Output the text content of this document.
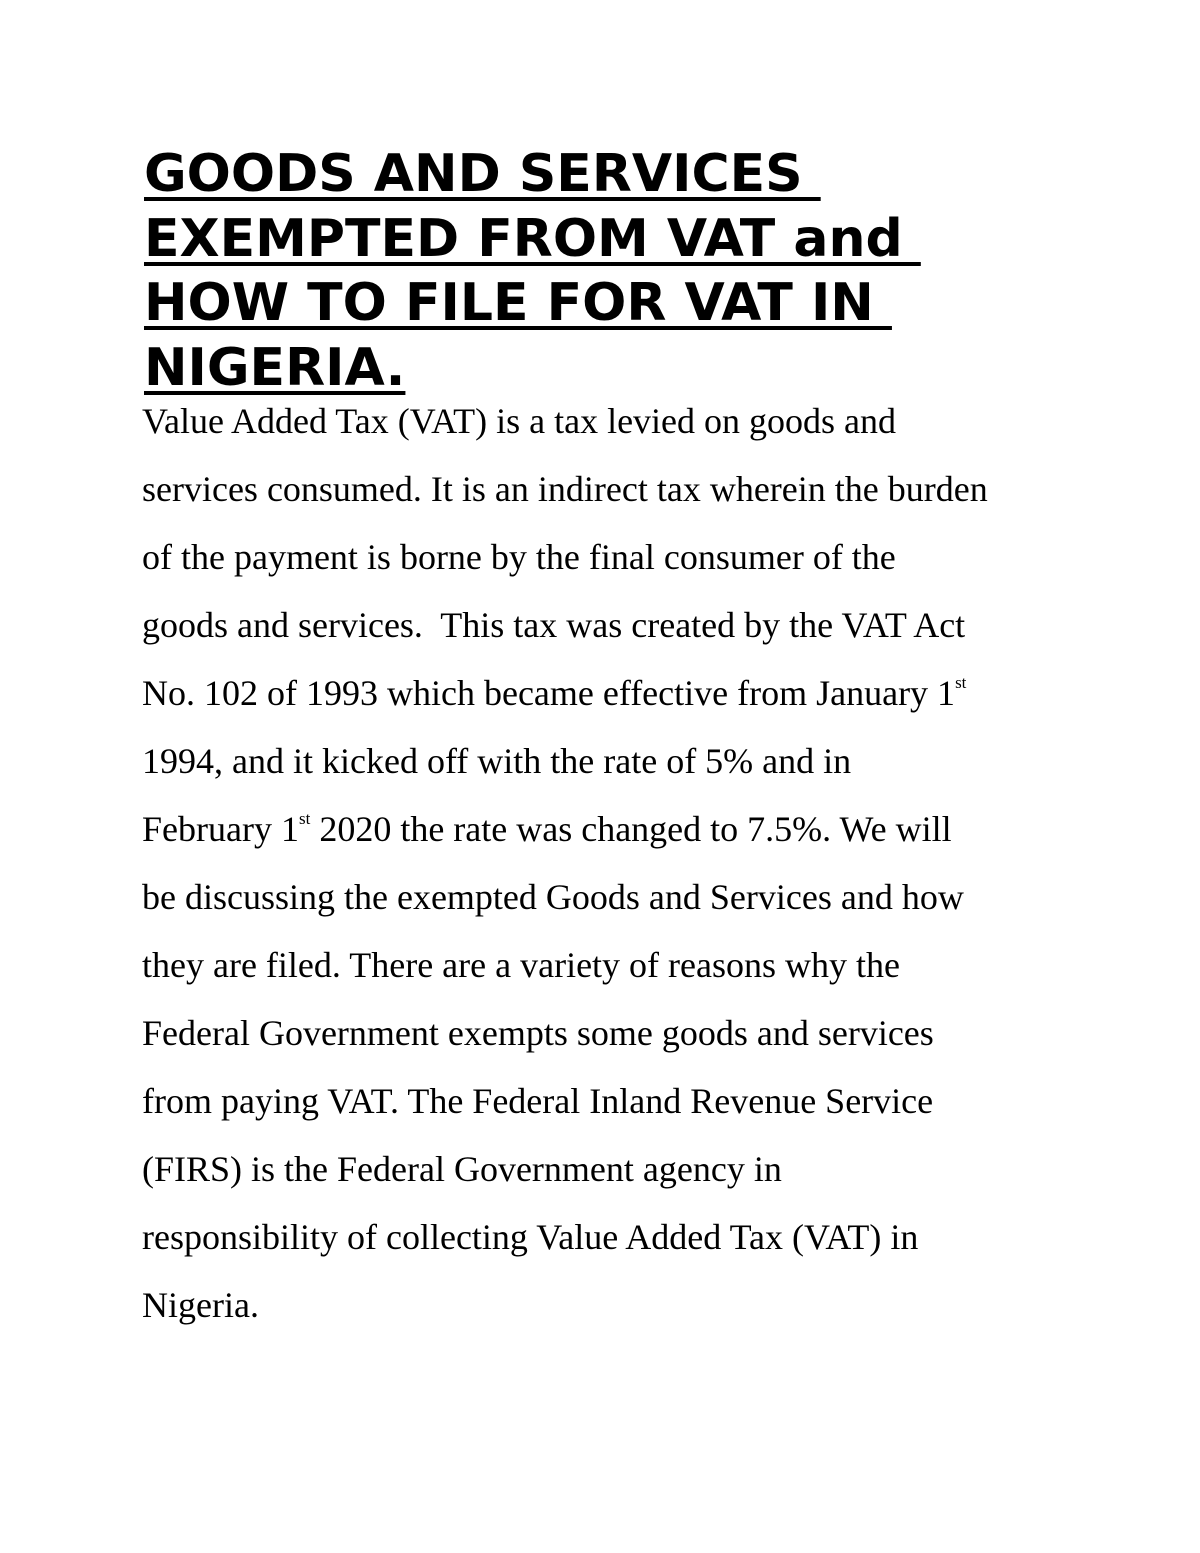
GOODS AND SERVICES
EXEMPTED FROM VAT and
HOW TO FILE FOR VAT IN
NIGERIA.

Value Added Tax (VAT) is a tax levied on goods and
services consumed. It is an indirect tax wherein the burden
of the payment is borne by the final consumer of the
goods and services.  This tax was created by the VAT Act
No. 102 of 1993 which became effective from January 1st
1994, and it kicked off with the rate of 5% and in
February 1st 2020 the rate was changed to 7.5%. We will
be discussing the exempted Goods and Services and how
they are filed. There are a variety of reasons why the
Federal Government exempts some goods and services
from paying VAT. The Federal Inland Revenue Service
(FIRS) is the Federal Government agency in
responsibility of collecting Value Added Tax (VAT) in
Nigeria.
